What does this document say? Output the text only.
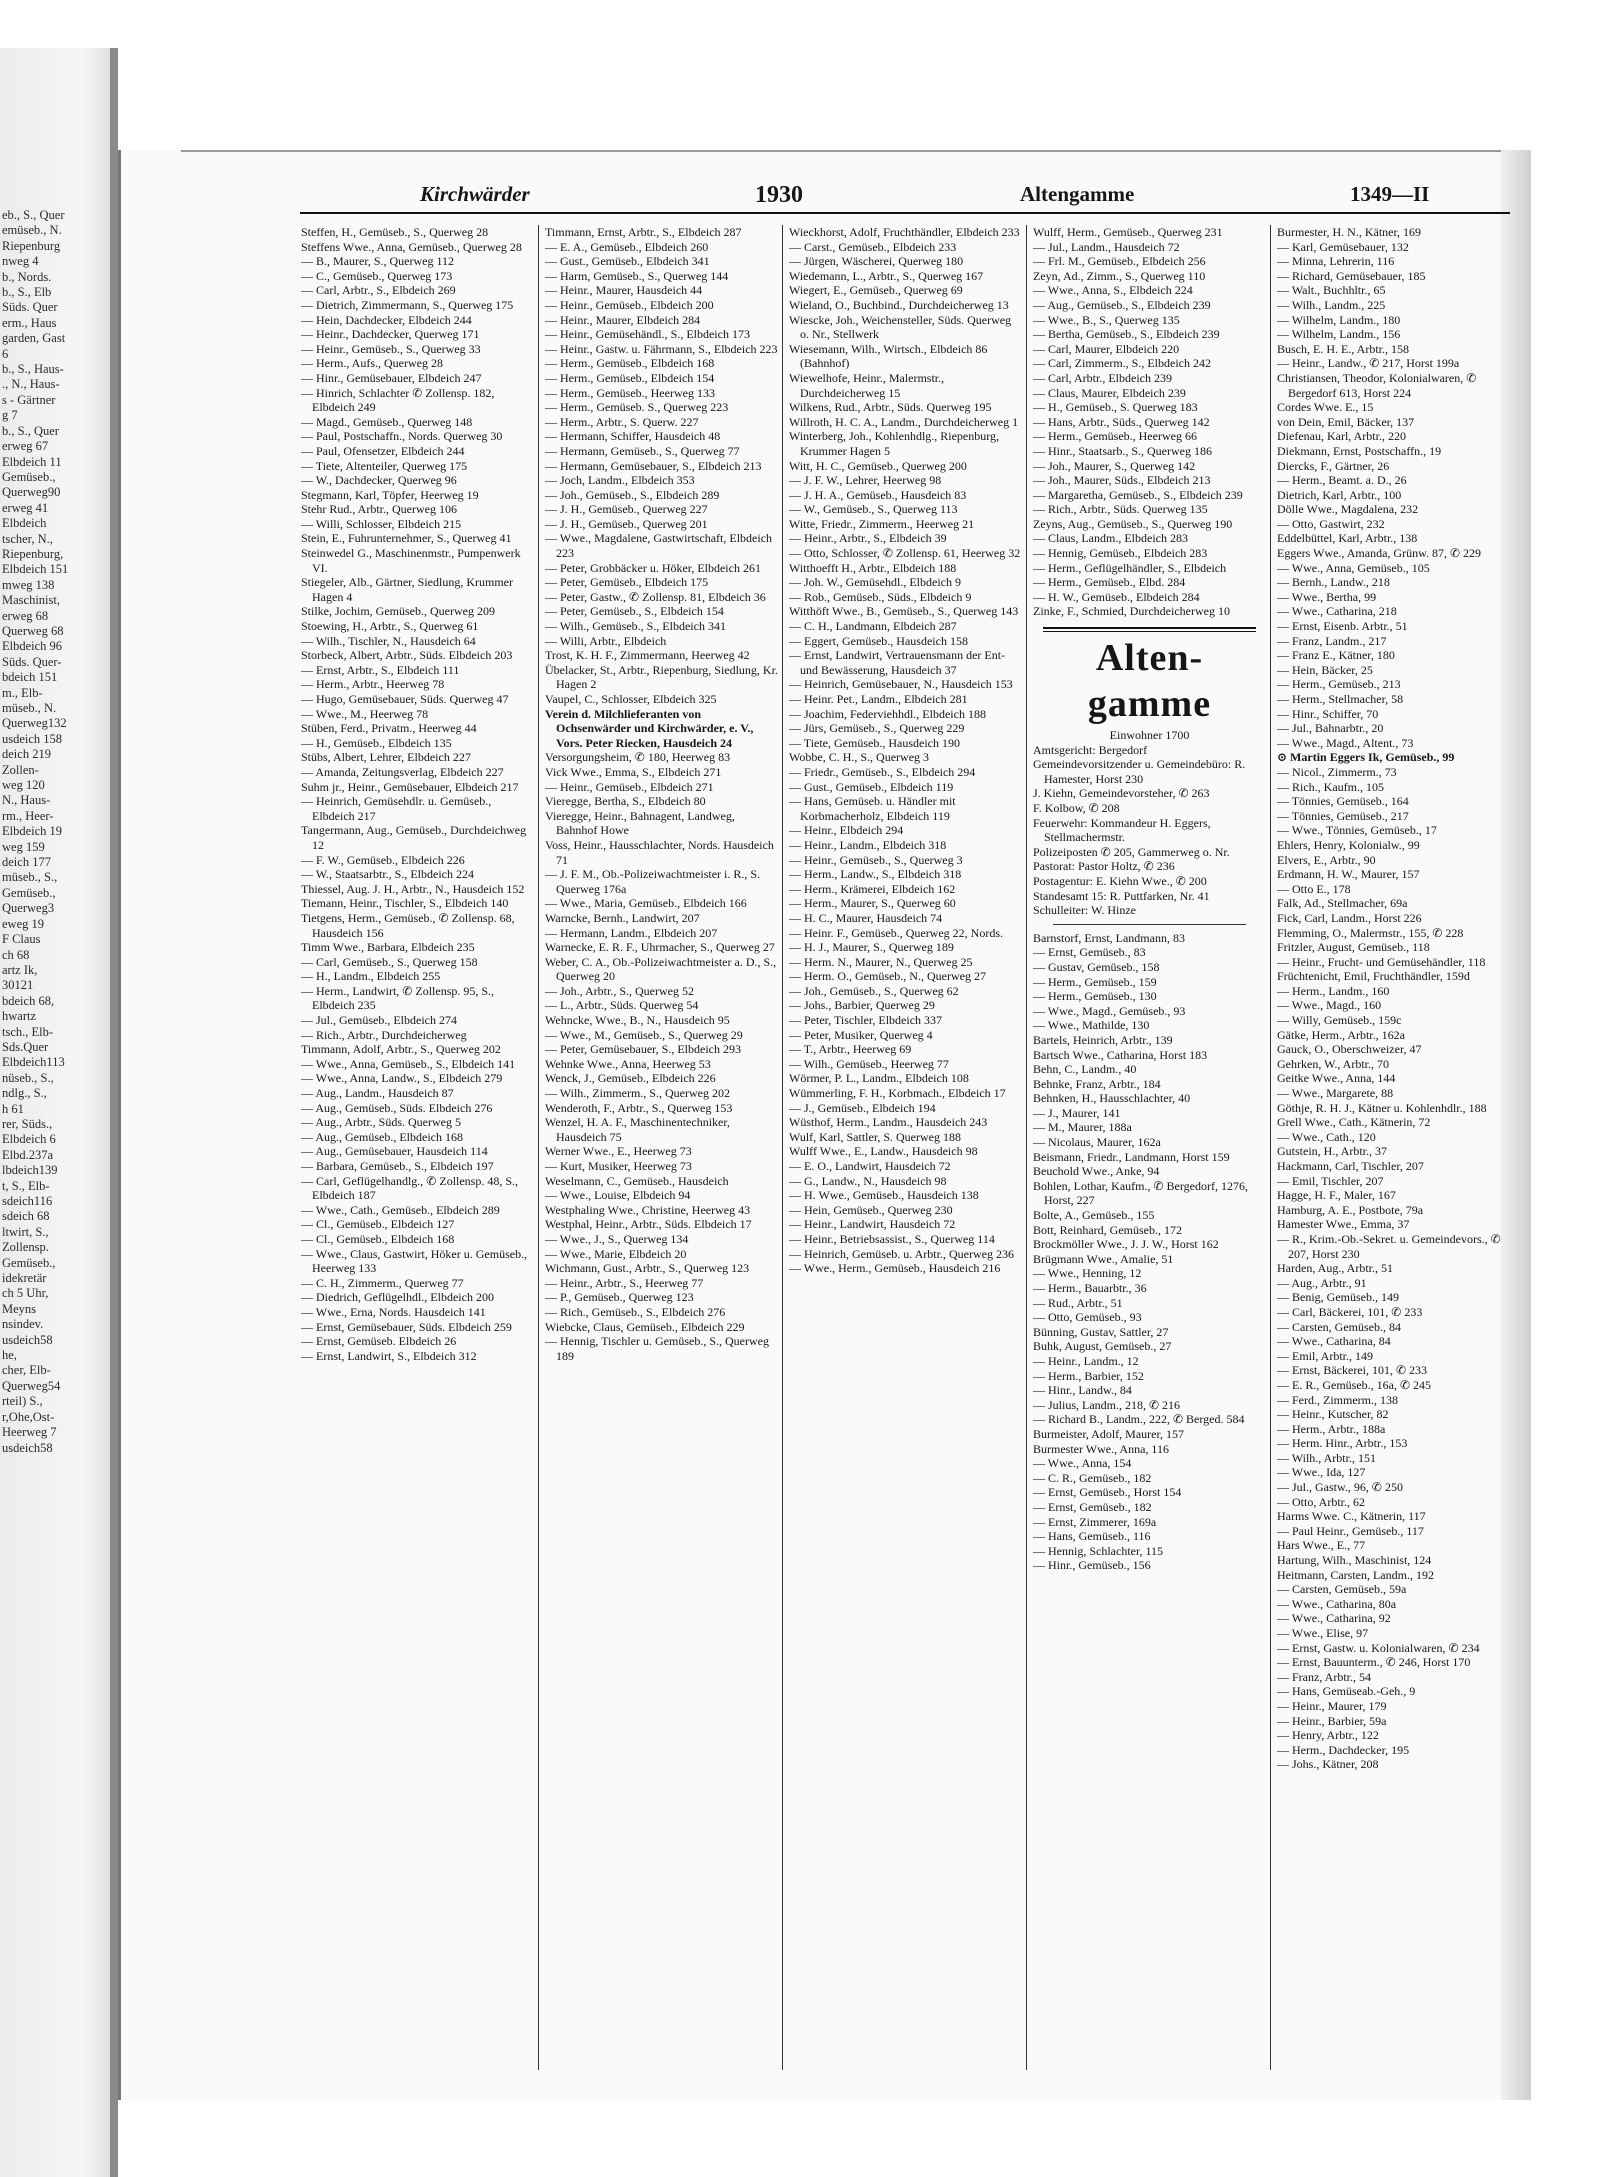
eb., S., Quer
emüseb., N.
Riepenburg
nweg 4
b., Nords.
b., S., Elb
Süds. Quer
erm., Haus
garden, Gast
6
b., S., Haus-
., N., Haus-
s - Gärtner
g 7
b., S., Quer
erweg 67
Elbdeich 11
Gemüseb.,
Querweg90
erweg 41
Elbdeich
tscher, N.,
Riepenburg,
Elbdeich 151
mweg 138
Maschinist,
erweg 68
Querweg 68
Elbdeich 96
Süds. Quer-
bdeich 151
m., Elb-
müseb., N.
Querweg132
usdeich 158
deich 219
Zollen-
weg 120
N., Haus-
rm., Heer-
Elbdeich 19
weg 159
deich 177
müseb., S.,
Gemüseb.,
Querweg3
eweg 19
F Claus
ch 68
artz Ik,
30121
bdeich 68,
hwartz
tsch., Elb-
Sds.Quer
Elbdeich113
nüseb., S.,
ndlg., S.,
h 61
rer, Süds.,
Elbdeich 6
Elbd.237a
lbdeich139
t, S., Elb-
sdeich116
sdeich 68
ltwirt, S.,
Zollensp.
Gemüseb.,
idekretär
ch 5 Uhr,
Meyns
nsindev.
usdeich58
he,
cher, Elb-
Querweg54
rteil) S.,
r,Ohe,Ost-
Heerweg 7
usdeich58
Kirchwärder	1930	Altengamme	1349—II
Steffen, H., Gemüseb., S., Querweg 28
Steffens Wwe., Anna, Gemüseb., Querweg 28
— B., Maurer, S., Querweg 112
— C., Gemüseb., Querweg 173
— Carl, Arbtr., S., Elbdeich 269
— Dietrich, Zimmermann, S., Querweg 175
— Hein, Dachdecker, Elbdeich 244
— Heinr., Dachdecker, Querweg 171
— Heinr., Gemüseb., S., Querweg 33
— Herm., Aufs., Querweg 28
— Hinr., Gemüsebauer, Elbdeich 247
— Hinrich, Schlachter ✆ Zollensp. 182, Elbdeich 249
— Magd., Gemüseb., Querweg 148
— Paul, Postschaffn., Nords. Querweg 30
— Paul, Ofensetzer, Elbdeich 244
— Tiete, Altenteiler, Querweg 175
— W., Dachdecker, Querweg 96
Stegmann, Karl, Töpfer, Heerweg 19
Stehr Rud., Arbtr., Querweg 106
— Willi, Schlosser, Elbdeich 215
Stein, E., Fuhrunternehmer, S., Querweg 41
Steinwedel G., Maschinenmstr., Pumpenwerk VI.
Stiegeler, Alb., Gärtner, Siedlung, Krummer Hagen 4
Stilke, Jochim, Gemüseb., Querweg 209
Stoewing, H., Arbtr., S., Querweg 61
— Wilh., Tischler, N., Hausdeich 64
Storbeck, Albert, Arbtr., Süds. Elbdeich 203
— Ernst, Arbtr., S., Elbdeich 111
— Herm., Arbtr., Heerweg 78
— Hugo, Gemüsebauer, Süds. Querweg 47
— Wwe., M., Heerweg 78
Stüben, Ferd., Privatm., Heerweg 44
— H., Gemüseb., Elbdeich 135
Stübs, Albert, Lehrer, Elbdeich 227
— Amanda, Zeitungsverlag, Elbdeich 227
Suhm jr., Heinr., Gemüsebauer, Elbdeich 217
— Heinrich, Gemüsehdlr. u. Gemüseb., Elbdeich 217
Tangermann, Aug., Gemüseb., Durchdeichweg 12
— F. W., Gemüseb., Elbdeich 226
— W., Staatsarbtr., S., Elbdeich 224
Thiessel, Aug. J. H., Arbtr., N., Hausdeich 152
Tiemann, Heinr., Tischler, S., Elbdeich 140
Tietgens, Herm., Gemüseb., ✆ Zollensp. 68, Hausdeich 156
Timm Wwe., Barbara, Elbdeich 235
— Carl, Gemüseb., S., Querweg 158
— H., Landm., Elbdeich 255
— Herm., Landwirt, ✆ Zollensp. 95, S., Elbdeich 235
— Jul., Gemüseb., Elbdeich 274
— Rich., Arbtr., Durchdeicherweg
Timmann, Adolf, Arbtr., S., Querweg 202
— Wwe., Anna, Gemüseb., S., Elbdeich 141
— Wwe., Anna, Landw., S., Elbdeich 279
— Aug., Landm., Hausdeich 87
— Aug., Gemüseb., Süds. Elbdeich 276
— Aug., Arbtr., Süds. Querweg 5
— Aug., Gemüseb., Elbdeich 168
— Aug., Gemüsebauer, Hausdeich 114
— Barbara, Gemüseb., S., Elbdeich 197
— Carl, Geflügelhandlg., ✆ Zollensp. 48, S., Elbdeich 187
— Wwe., Cath., Gemüseb., Elbdeich 289
— Cl., Gemüseb., Elbdeich 127
— Cl., Gemüseb., Elbdeich 168
— Wwe., Claus, Gastwirt, Höker u. Gemüseb., Heerweg 133
— C. H., Zimmerm., Querweg 77
— Diedrich, Geflügelhdl., Elbdeich 200
— Wwe., Erna, Nords. Hausdeich 141
— Ernst, Gemüsebauer, Süds. Elbdeich 259
— Ernst, Gemüseb. Elbdeich 26
— Ernst, Landwirt, S., Elbdeich 312
Timmann, Ernst, Arbtr., S., Elbdeich 287
— E. A., Gemüseb., Elbdeich 260
— Gust., Gemüseb., Elbdeich 341
— Harm, Gemüseb., S., Querweg 144
— Heinr., Maurer, Hausdeich 44
— Heinr., Gemüseb., Elbdeich 200
— Heinr., Maurer, Elbdeich 284
— Heinr., Gemüsehändl., S., Elbdeich 173
— Heinr., Gastw. u. Fährmann, S., Elbdeich 223
— Herm., Gemüseb., Elbdeich 168
— Herm., Gemüseb., Elbdeich 154
— Herm., Gemüseb., Heerweg 133
— Herm., Gemüseb. S., Querweg 223
— Herm., Arbtr., S. Querw. 227
— Hermann, Schiffer, Hausdeich 48
— Hermann, Gemüseb., S., Querweg 77
— Hermann, Gemüsebauer, S., Elbdeich 213
— Joch, Landm., Elbdeich 353
— Joh., Gemüseb., S., Elbdeich 289
— J. H., Gemüseb., Querweg 227
— J. H., Gemüseb., Querweg 201
— Wwe., Magdalene, Gastwirtschaft, Elbdeich 223
— Peter, Grobbäcker u. Höker, Elbdeich 261
— Peter, Gemüseb., Elbdeich 175
— Peter, Gastw., ✆ Zollensp. 81, Elbdeich 36
— Peter, Gemüseb., S., Elbdeich 154
— Wilh., Gemüseb., S., Elbdeich 341
— Willi, Arbtr., Elbdeich
Trost, K. H. F., Zimmermann, Heerweg 42
Übelacker, St., Arbtr., Riepenburg, Siedlung, Kr. Hagen 2
Vaupel, C., Schlosser, Elbdeich 325
Verein d. Milchlieferanten von Ochsenwärder und Kirchwärder, e. V., Vors. Peter Riecken, Hausdeich 24
Versorgungsheim, ✆ 180, Heerweg 83
Vick Wwe., Emma, S., Elbdeich 271
— Heinr., Gemüseb., Elbdeich 271
Vieregge, Bertha, S., Elbdeich 80
Vieregge, Heinr., Bahnagent, Landweg, Bahnhof Howe
Voss, Heinr., Hausschlachter, Nords. Hausdeich 71
— J. F. M., Ob.-Polizeiwachtmeister i. R., S. Querweg 176a
— Wwe., Maria, Gemüseb., Elbdeich 166
Warncke, Bernh., Landwirt, 207
— Hermann, Landm., Elbdeich 207
Warnecke, E. R. F., Uhrmacher, S., Querweg 27
Weber, C. A., Ob.-Polizeiwachtmeister a. D., S., Querweg 20
— Joh., Arbtr., S., Querweg 52
— L., Arbtr., Süds. Querweg 54
Wehncke, Wwe., B., N., Hausdeich 95
— Wwe., M., Gemüseb., S., Querweg 29
— Peter, Gemüsebauer, S., Elbdeich 293
Wehnke Wwe., Anna, Heerweg 53
Wenck, J., Gemüseb., Elbdeich 226
— Wilh., Zimmerm., S., Querweg 202
Wenderoth, F., Arbtr., S., Querweg 153
Wenzel, H. A. F., Maschinentechniker, Hausdeich 75
Werner Wwe., E., Heerweg 73
— Kurt, Musiker, Heerweg 73
Weselmann, C., Gemüseb., Hausdeich
— Wwe., Louise, Elbdeich 94
Westphaling Wwe., Christine, Heerweg 43
Westphal, Heinr., Arbtr., Süds. Elbdeich 17
— Wwe., J., S., Querweg 134
— Wwe., Marie, Elbdeich 20
Wichmann, Gust., Arbtr., S., Querweg 123
— Heinr., Arbtr., S., Heerweg 77
— P., Gemüseb., Querweg 123
— Rich., Gemüseb., S., Elbdeich 276
Wiebcke, Claus, Gemüseb., Elbdeich 229
— Hennig, Tischler u. Gemüseb., S., Querweg 189
Wieckhorst, Adolf, Fruchthändler, Elbdeich 233
— Carst., Gemüseb., Elbdeich 233
— Jürgen, Wäscherei, Querweg 180
Wiedemann, L., Arbtr., S., Querweg 167
Wiegert, E., Gemüseb., Querweg 69
Wieland, O., Buchbind., Durchdeicherweg 13
Wiescke, Joh., Weichensteller, Süds. Querweg o. Nr., Stellwerk
Wiesemann, Wilh., Wirtsch., Elbdeich 86 (Bahnhof)
Wiewelhofe, Heinr., Malermstr., Durchdeicherweg 15
Wilkens, Rud., Arbtr., Süds. Querweg 195
Willroth, H. C. A., Landm., Durchdeicherweg 1
Winterberg, Joh., Kohlenhdlg., Riepenburg, Krummer Hagen 5
Witt, H. C., Gemüseb., Querweg 200
— J. F. W., Lehrer, Heerweg 98
— J. H. A., Gemüseb., Hausdeich 83
— W., Gemüseb., S., Querweg 113
Witte, Friedr., Zimmerm., Heerweg 21
— Heinr., Arbtr., S., Elbdeich 39
— Otto, Schlosser, ✆ Zollensp. 61, Heerweg 32
Witthoefft H., Arbtr., Elbdeich 188
— Joh. W., Gemüsehdl., Elbdeich 9
— Rob., Gemüseb., Süds., Elbdeich 9
Witthöft Wwe., B., Gemüseb., S., Querweg 143
— C. H., Landmann, Elbdeich 287
— Eggert, Gemüseb., Hausdeich 158
— Ernst, Landwirt, Vertrauensmann der Ent- und Bewässerung, Hausdeich 37
— Heinrich, Gemüsebauer, N., Hausdeich 153
— Heinr. Pet., Landm., Elbdeich 281
— Joachim, Federviehhdl., Elbdeich 188
— Jürs, Gemüseb., S., Querweg 229
— Tiete, Gemüseb., Hausdeich 190
Wobbe, C. H., S., Querweg 3
— Friedr., Gemüseb., S., Elbdeich 294
— Gust., Gemüseb., Elbdeich 119
— Hans, Gemüseb. u. Händler mit Korbmacherholz, Elbdeich 119
— Heinr., Elbdeich 294
— Heinr., Landm., Elbdeich 318
— Heinr., Gemüseb., S., Querweg 3
— Herm., Landw., S., Elbdeich 318
— Herm., Krämerei, Elbdeich 162
— Herm., Maurer, S., Querweg 60
— H. C., Maurer, Hausdeich 74
— Heinr. F., Gemüseb., Querweg 22, Nords.
— H. J., Maurer, S., Querweg 189
— Herm. N., Maurer, N., Querweg 25
— Herm. O., Gemüseb., N., Querweg 27
— Joh., Gemüseb., S., Querweg 62
— Johs., Barbier, Querweg 29
— Peter, Tischler, Elbdeich 337
— Peter, Musiker, Querweg 4
— T., Arbtr., Heerweg 69
— Wilh., Gemüseb., Heerweg 77
Wörmer, P. L., Landm., Elbdeich 108
Wümmerling, F. H., Korbmach., Elbdeich 17
— J., Gemüseb., Elbdeich 194
Wüsthof, Herm., Landm., Hausdeich 243
Wulf, Karl, Sattler, S. Querweg 188
Wulff Wwe., E., Landw., Hausdeich 98
— E. O., Landwirt, Hausdeich 72
— G., Landw., N., Hausdeich 98
— H. Wwe., Gemüseb., Hausdeich 138
— Hein, Gemüseb., Querweg 230
— Heinr., Landwirt, Hausdeich 72
— Heinr., Betriebsassist., S., Querweg 114
— Heinrich, Gemüseb. u. Arbtr., Querweg 236
— Wwe., Herm., Gemüseb., Hausdeich 216
Wulff, Herm., Gemüseb., Querweg 231
— Jul., Landm., Hausdeich 72
— Frl. M., Gemüseb., Elbdeich 256
Zeyn, Ad., Zimm., S., Querweg 110
— Wwe., Anna, S., Elbdeich 224
— Aug., Gemüseb., S., Elbdeich 239
— Wwe., B., S., Querweg 135
— Bertha, Gemüseb., S., Elbdeich 239
— Carl, Maurer, Elbdeich 220
— Carl, Zimmerm., S., Elbdeich 242
— Carl, Arbtr., Elbdeich 239
— Claus, Maurer, Elbdeich 239
— H., Gemüseb., S. Querweg 183
— Hans, Arbtr., Süds., Querweg 142
— Herm., Gemüseb., Heerweg 66
— Hinr., Staatsarb., S., Querweg 186
— Joh., Maurer, S., Querweg 142
— Joh., Maurer, Süds., Elbdeich 213
— Margaretha, Gemüseb., S., Elbdeich 239
— Rich., Arbtr., Süds. Querweg 135
Zeyns, Aug., Gemüseb., S., Querweg 190
— Claus, Landm., Elbdeich 283
— Hennig, Gemüseb., Elbdeich 283
— Herm., Geflügelhändler, S., Elbdeich
— Herm., Gemüseb., Elbd. 284
— H. W., Gemüseb., Elbdeich 284
Zinke, F., Schmied, Durchdeicherweg 10
Alten-
gamme
Einwohner 1700
Amtsgericht: Bergedorf
Gemeindevorsitzender u. Gemeindebüro: R. Hamester, Horst 230
J. Kiehn, Gemeindevorsteher, ✆ 263
F. Kolbow, ✆ 208
Feuerwehr: Kommandeur H. Eggers, Stellmachermstr.
Polizeiposten ✆ 205, Gammerweg o. Nr.
Pastorat: Pastor Holtz, ✆ 236
Postagentur: E. Kiehn Wwe., ✆ 200
Standesamt 15: R. Puttfarken, Nr. 41
Schulleiter: W. Hinze
Barnstorf, Ernst, Landmann, 83
— Ernst, Gemüseb., 83
— Gustav, Gemüseb., 158
— Herm., Gemüseb., 159
— Herm., Gemüseb., 130
— Wwe., Magd., Gemüseb., 93
— Wwe., Mathilde, 130
Bartels, Heinrich, Arbtr., 139
Bartsch Wwe., Catharina, Horst 183
Behn, C., Landm., 40
Behnke, Franz, Arbtr., 184
Behnken, H., Hausschlachter, 40
— J., Maurer, 141
— M., Maurer, 188a
— Nicolaus, Maurer, 162a
Beismann, Friedr., Landmann, Horst 159
Beuchold Wwe., Anke, 94
Bohlen, Lothar, Kaufm., ✆ Bergedorf, 1276, Horst, 227
Bolte, A., Gemüseb., 155
Bott, Reinhard, Gemüseb., 172
Brockmöller Wwe., J. J. W., Horst 162
Brügmann Wwe., Amalie, 51
— Wwe., Henning, 12
— Herm., Bauarbtr., 36
— Rud., Arbtr., 51
— Otto, Gemüseb., 93
Bünning, Gustav, Sattler, 27
Buhk, August, Gemüseb., 27
— Heinr., Landm., 12
— Herm., Barbier, 152
— Hinr., Landw., 84
— Julius, Landm., 218, ✆ 216
— Richard B., Landm., 222, ✆ Berged. 584
Burmeister, Adolf, Maurer, 157
Burmester Wwe., Anna, 116
— Wwe., Anna, 154
— C. R., Gemüseb., 182
— Ernst, Gemüseb., Horst 154
— Ernst, Gemüseb., 182
— Ernst, Zimmerer, 169a
— Hans, Gemüseb., 116
— Hennig, Schlachter, 115
— Hinr., Gemüseb., 156
Burmester, H. N., Kätner, 169
— Karl, Gemüsebauer, 132
— Minna, Lehrerin, 116
— Richard, Gemüsebauer, 185
— Walt., Buchhltr., 65
— Wilh., Landm., 225
— Wilhelm, Landm., 180
— Wilhelm, Landm., 156
Busch, E. H. E., Arbtr., 158
— Heinr., Landw., ✆ 217, Horst 199a
Christiansen, Theodor, Kolonialwaren, ✆ Bergedorf 613, Horst 224
Cordes Wwe. E., 15
von Dein, Emil, Bäcker, 137
Diefenau, Karl, Arbtr., 220
Diekmann, Ernst, Postschaffn., 19
Diercks, F., Gärtner, 26
— Herm., Beamt. a. D., 26
Dietrich, Karl, Arbtr., 100
Dölle Wwe., Magdalena, 232
— Otto, Gastwirt, 232
Eddelbüttel, Karl, Arbtr., 138
Eggers Wwe., Amanda, Grünw. 87, ✆ 229
— Wwe., Anna, Gemüseb., 105
— Bernh., Landw., 218
— Wwe., Bertha, 99
— Wwe., Catharina, 218
— Ernst, Eisenb. Arbtr., 51
— Franz, Landm., 217
— Franz E., Kätner, 180
— Hein, Bäcker, 25
— Herm., Gemüseb., 213
— Herm., Stellmacher, 58
— Hinr., Schiffer, 70
— Jul., Bahnarbtr., 20
— Wwe., Magd., Altent., 73
⊙ Martin Eggers Ik, Gemüseb., 99
— Nicol., Zimmerm., 73
— Rich., Kaufm., 105
— Tönnies, Gemüseb., 164
— Tönnies, Gemüseb., 217
— Wwe., Tönnies, Gemüseb., 17
Ehlers, Henry, Kolonialw., 99
Elvers, E., Arbtr., 90
Erdmann, H. W., Maurer, 157
— Otto E., 178
Falk, Ad., Stellmacher, 69a
Fick, Carl, Landm., Horst 226
Flemming, O., Malermstr., 155, ✆ 228
Fritzler, August, Gemüseb., 118
— Heinr., Frucht- und Gemüsehändler, 118
Früchtenicht, Emil, Fruchthändler, 159d
— Herm., Landm., 160
— Wwe., Magd., 160
— Willy, Gemüseb., 159c
Gätke, Herm., Arbtr., 162a
Gauck, O., Oberschweizer, 47
Gehrken, W., Arbtr., 70
Geitke Wwe., Anna, 144
— Wwe., Margarete, 88
Göthje, R. H. J., Kätner u. Kohlenhdlr., 188
Grell Wwe., Cath., Kätnerin, 72
— Wwe., Cath., 120
Gutstein, H., Arbtr., 37
Hackmann, Carl, Tischler, 207
— Emil, Tischler, 207
Hagge, H. F., Maler, 167
Hamburg, A. E., Postbote, 79a
Hamester Wwe., Emma, 37
— R., Krim.-Ob.-Sekret. u. Gemeindevors., ✆ 207, Horst 230
Harden, Aug., Arbtr., 51
— Aug., Arbtr., 91
— Benig, Gemüseb., 149
— Carl, Bäckerei, 101, ✆ 233
— Carsten, Gemüseb., 84
— Wwe., Catharina, 84
— Emil, Arbtr., 149
— Ernst, Bäckerei, 101, ✆ 233
— E. R., Gemüseb., 16a, ✆ 245
— Ferd., Zimmerm., 138
— Heinr., Kutscher, 82
— Herm., Arbtr., 188a
— Herm. Hinr., Arbtr., 153
— Wilh., Arbtr., 151
— Wwe., Ida, 127
— Jul., Gastw., 96, ✆ 250
— Otto, Arbtr., 62
Harms Wwe. C., Kätnerin, 117
— Paul Heinr., Gemüseb., 117
Hars Wwe., E., 77
Hartung, Wilh., Maschinist, 124
Heitmann, Carsten, Landm., 192
— Carsten, Gemüseb., 59a
— Wwe., Catharina, 80a
— Wwe., Catharina, 92
— Wwe., Elise, 97
— Ernst, Gastw. u. Kolonialwaren, ✆ 234
— Ernst, Bauunterm., ✆ 246, Horst 170
— Franz, Arbtr., 54
— Hans, Gemüseab.-Geh., 9
— Heinr., Maurer, 179
— Heinr., Barbier, 59a
— Henry, Arbtr., 122
— Herm., Dachdecker, 195
— Johs., Kätner, 208
